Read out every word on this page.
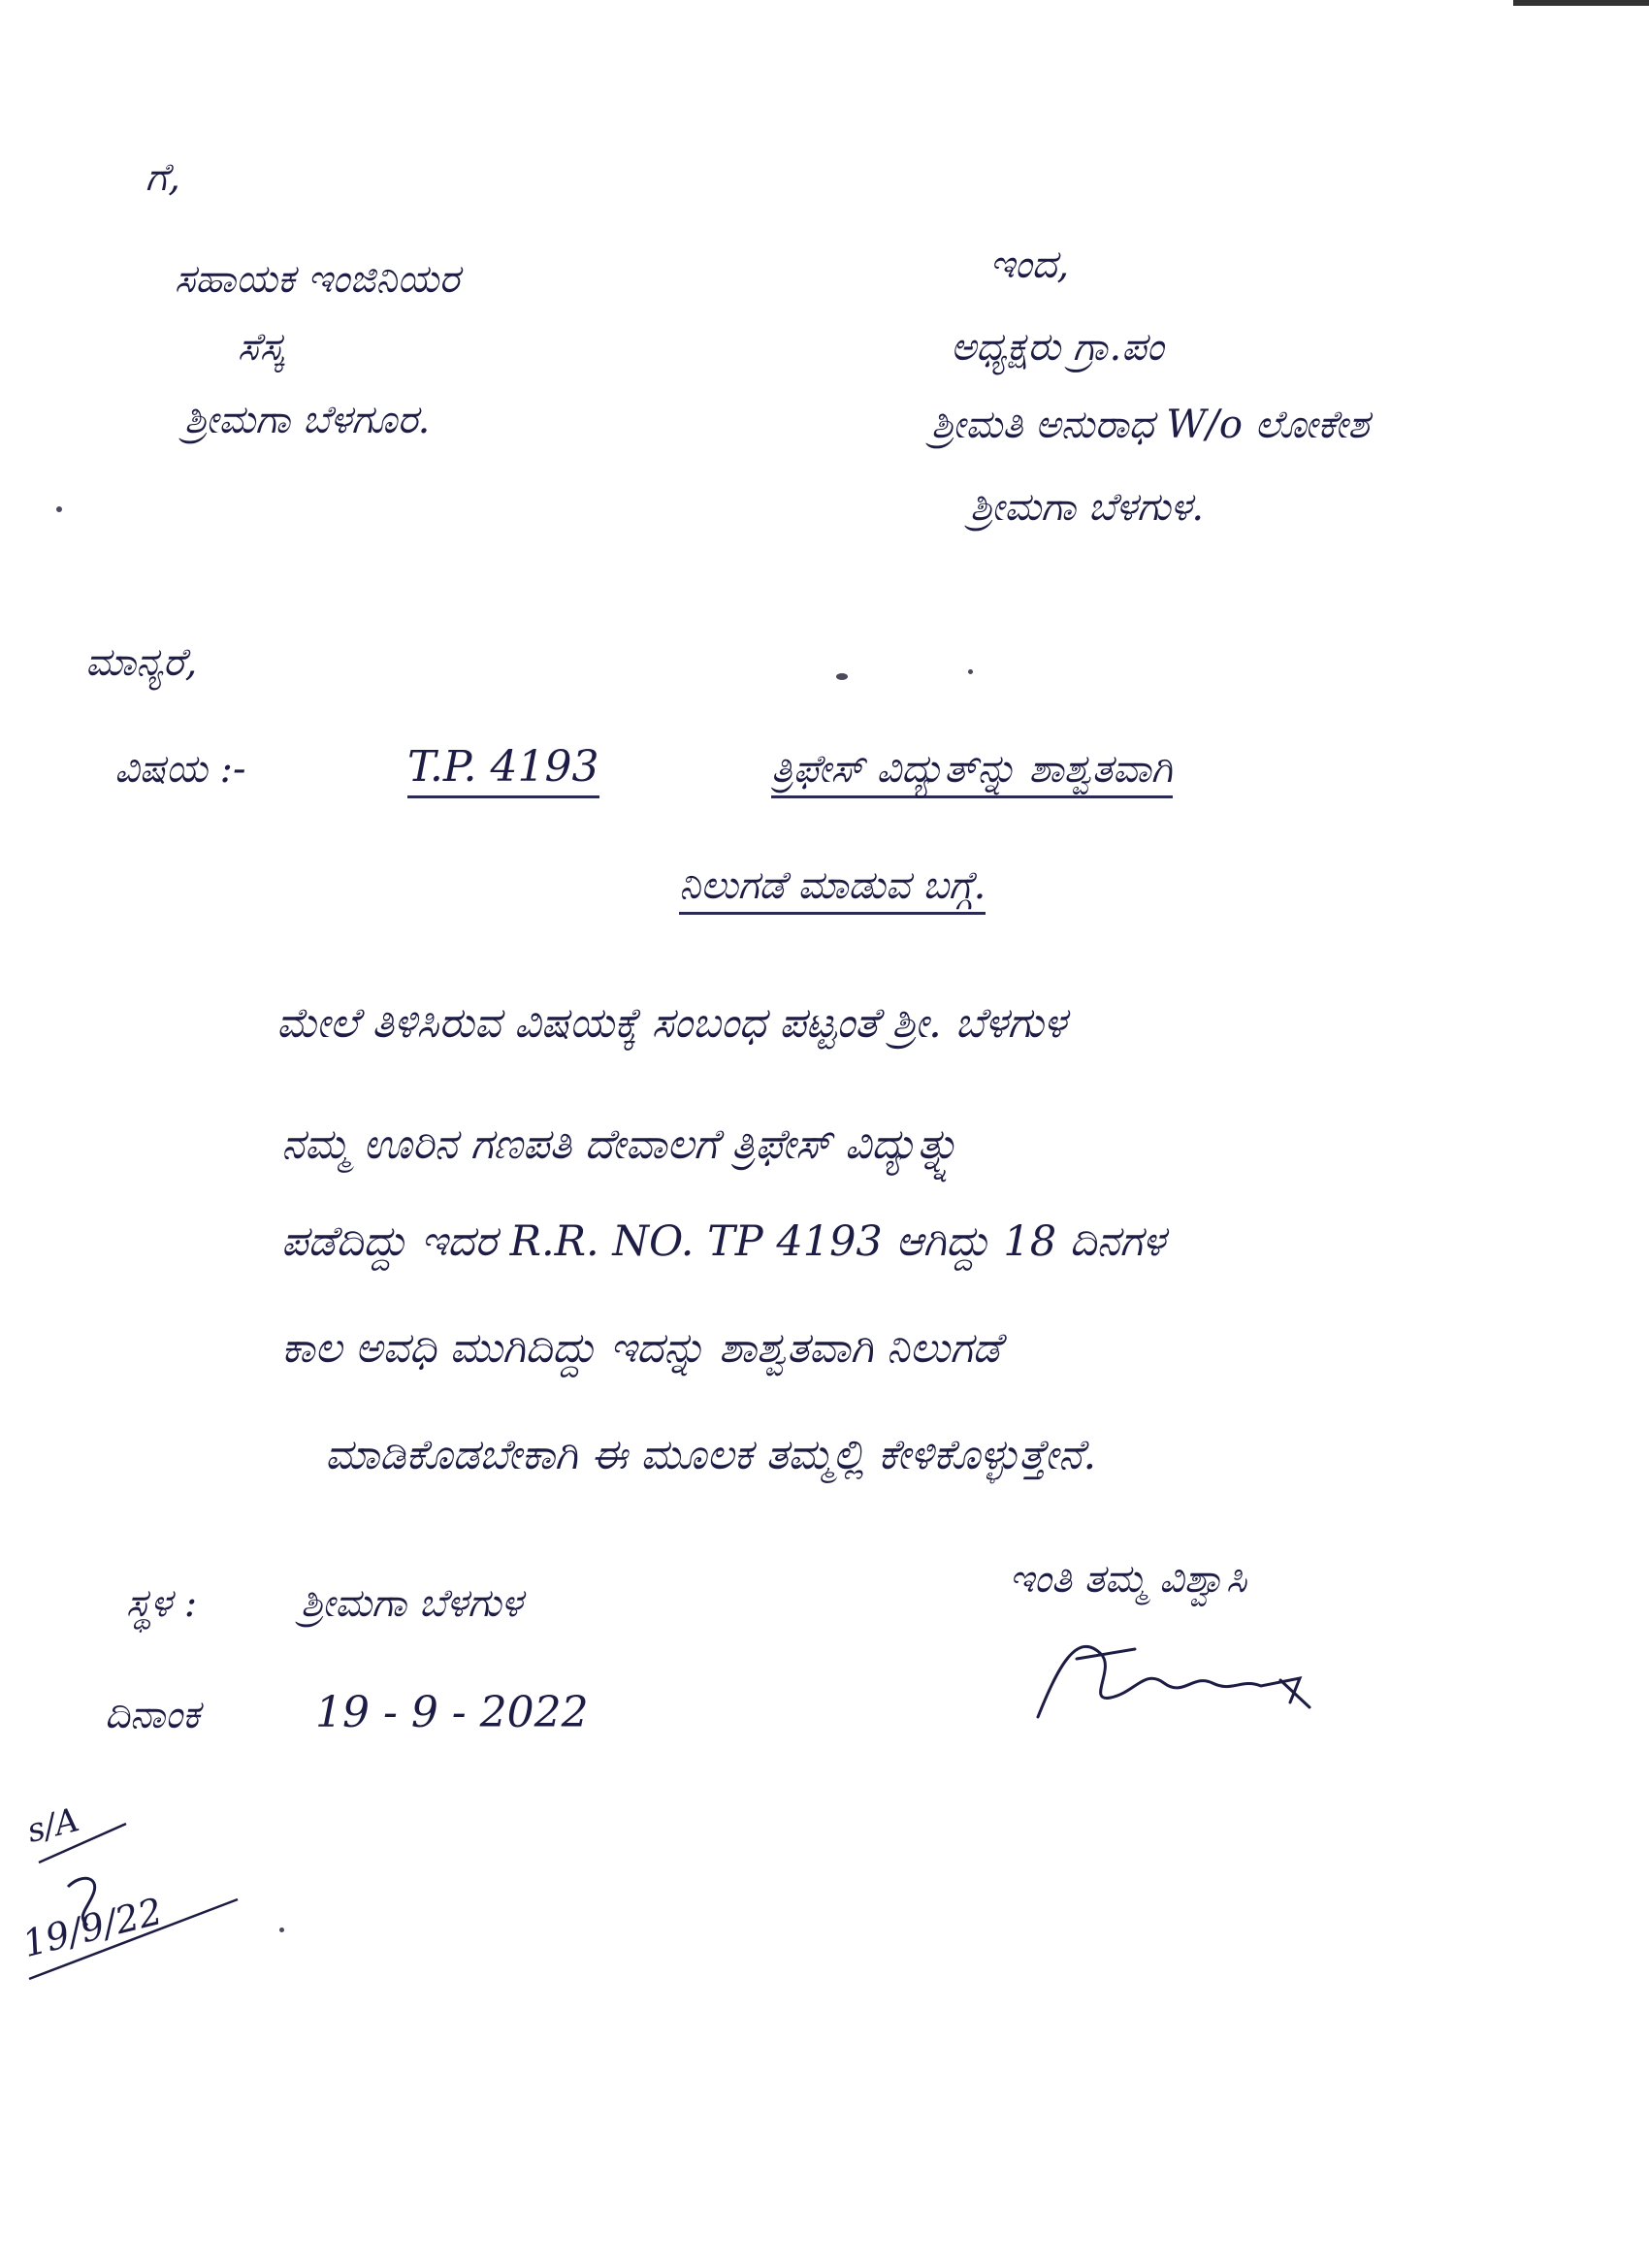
ಗೆ,
ಸಹಾಯಕ ಇಂಜಿನಿಯರ
ಸೆಸ್ಕ
ಶ್ರೀಮಗಾ ಬೆಳಗೂರ.
ಇಂದ,
ಅಧ್ಯಕ್ಷರು ಗ್ರಾ.ಪಂ
ಶ್ರೀಮತಿ ಅನುರಾಧ W/o ಲೋಕೇಶ
ಶ್ರೀಮಗಾ ಬೆಳಗುಳ.
ಮಾನ್ಯರೆ,
ವಿಷಯ :-	T.P. 4193	ತ್ರಿಫೇಸ್ ವಿದ್ಯುತ್‌ನ್ನು ಶಾಶ್ವತವಾಗಿ
ನಿಲುಗಡೆ ಮಾಡುವ ಬಗ್ಗೆ.
ಮೇಲೆ ತಿಳಿಸಿರುವ ವಿಷಯಕ್ಕೆ ಸಂಬಂಧ ಪಟ್ಟಂತೆ ಶ್ರೀ. ಬೆಳಗುಳ
ನಮ್ಮ ಊರಿನ ಗಣಪತಿ ದೇವಾಲಗೆ ತ್ರಿಫೇಸ್ ವಿದ್ಯುತ್ನ್ನು
ಪಡೆದಿದ್ದು ಇದರ R.R. NO. TP 4193 ಆಗಿದ್ದು 18 ದಿನಗಳ
ಕಾಲ ಅವಧಿ ಮುಗಿದಿದ್ದು ಇದನ್ನು ಶಾಶ್ವತವಾಗಿ ನಿಲುಗಡೆ
ಮಾಡಿಕೊಡಬೇಕಾಗಿ ಈ ಮೂಲಕ ತಮ್ಮಲ್ಲಿ ಕೇಳಿಕೊಳ್ಳುತ್ತೇನೆ.
ಸ್ಥಳ :	ಶ್ರೀಮಗಾ ಬೆಳಗುಳ
ದಿನಾಂಕ	19 - 9 - 2022
ಇಂತಿ ತಮ್ಮ ವಿಶ್ವಾಸಿ
s/A
19/9/22
